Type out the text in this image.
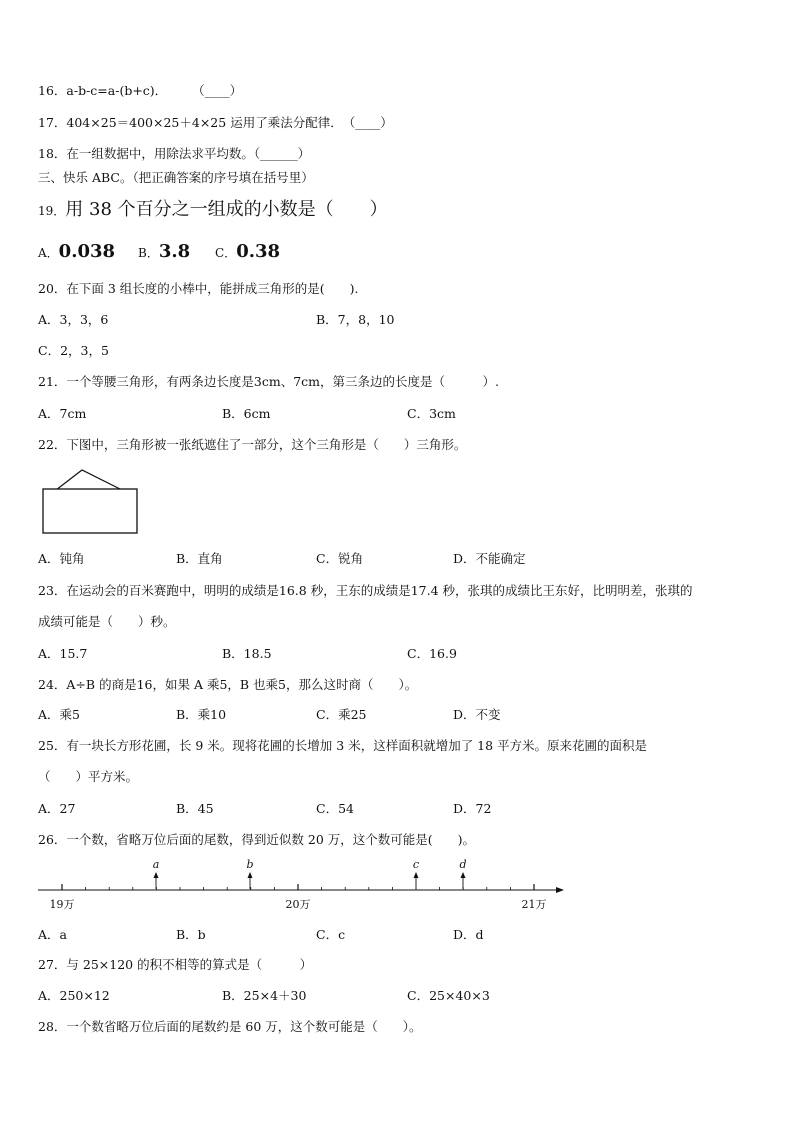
16．a-b-c=a-(b+c)．　　　（____）
17．404×25＝400×25＋4×25 运用了乘法分配律．　（____）
18．在一组数据中，用除法求平均数。（______）
三、快乐 ABC。（把正确答案的序号填在括号里）
19．用 38 个百分之一组成的小数是（　　）
A．0.038 B．3.8 C．0.38
20．在下面 3 组长度的小棒中，能拼成三角形的是(　　).
A．3，3，6	B．7，8，10
C．2，3，5
21．一个等腰三角形，有两条边长度是3cm、7cm，第三条边的长度是（　　　）.
A．7cm	B．6cm	C．3cm
22．下图中，三角形被一张纸遮住了一部分，这个三角形是（　　）三角形。
A．钝角	B．直角	C．锐角	D．不能确定
23．在运动会的百米赛跑中，明明的成绩是16.8 秒，王东的成绩是17.4 秒，张琪的成绩比王东好，比明明差，张琪的
成绩可能是（　　）秒。
A．15.7	B．18.5	C．16.9
24．A÷B 的商是16，如果 A 乘5，B 也乘5，那么这时商（　　）。
A．乘5	B．乘10	C．乘25	D．不变
25．有一块长方形花圃，长 9 米。现将花圃的长增加 3 米，这样面积就增加了 18 平方米。原来花圃的面积是
（　　）平方米。
A．27	B．45	C．54	D．72
26．一个数，省略万位后面的尾数，得到近似数 20 万，这个数可能是(　　)。
19万	20万	21万
a	b	c	d
A．a	B．b	C．c	D．d
27．与 25×120 的积不相等的算式是（　　　）
A．250×12	B．25×4＋30	C．25×40×3
28．一个数省略万位后面的尾数约是 60 万，这个数可能是（　　）。
